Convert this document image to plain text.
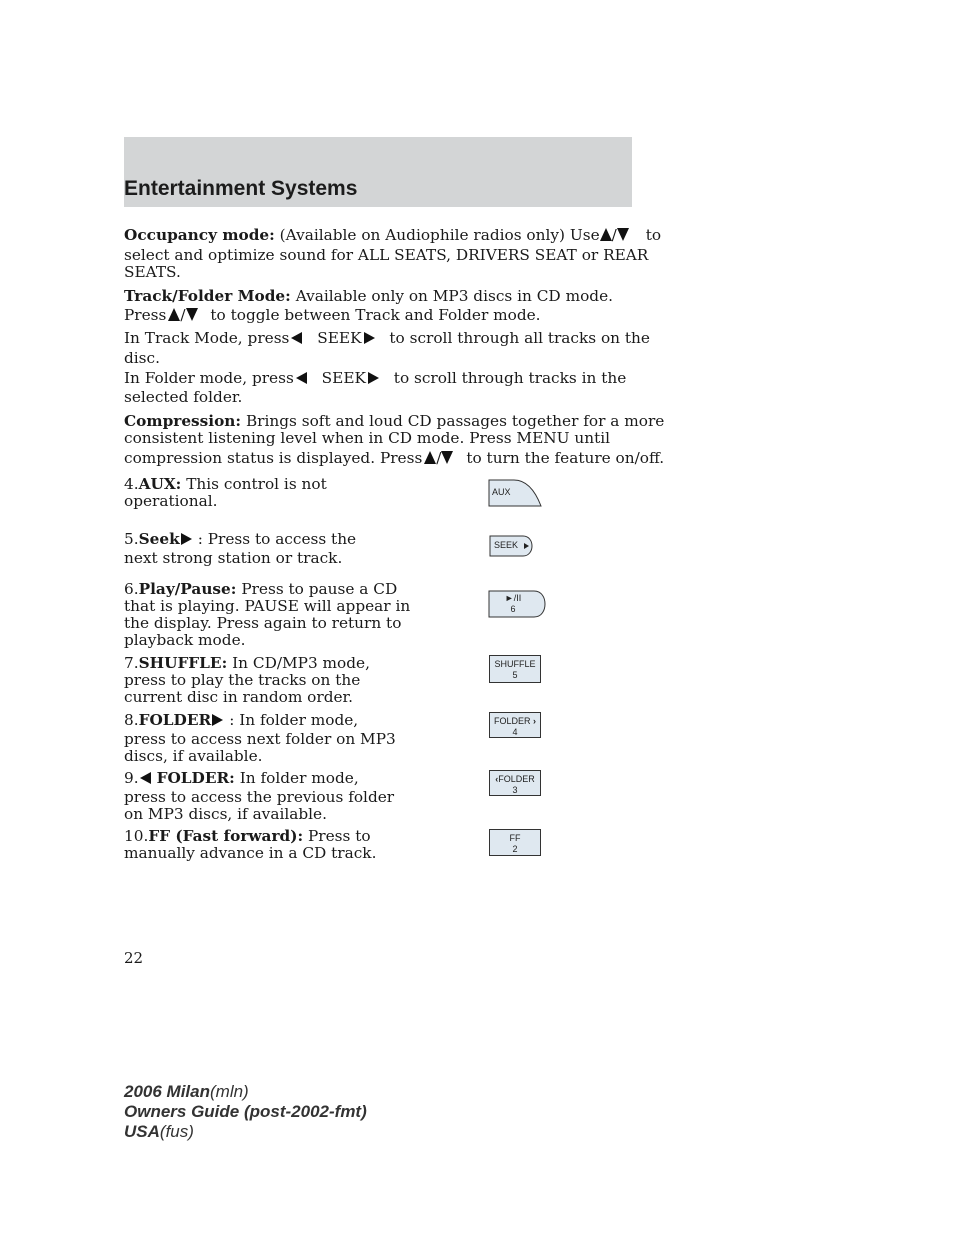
Entertainment Systems
Occupancy mode: (Available on Audiophile radios only) Use / to
select and optimize sound for ALL SEATS, DRIVERS SEAT or REAR
SEATS.
Track/Folder Mode: Available only on MP3 discs in CD mode.
Press / to toggle between Track and Folder mode.
In Track Mode, press SEEK to scroll through all tracks on the
disc.
In Folder mode, press SEEK to scroll through tracks in the
selected folder.
Compression: Brings soft and loud CD passages together for a more
consistent listening level when in CD mode. Press MENU until
compression status is displayed. Press / to turn the feature on/off.
4.AUX: This control is not
operational.
5.Seek : Press to access the
next strong station or track.
6.Play/Pause: Press to pause a CD
that is playing. PAUSE will appear in
the display. Press again to return to
playback mode.
7.SHUFFLE: In CD/MP3 mode,
press to play the tracks on the
current disc in random order.
8.FOLDER : In folder mode,
press to access next folder on MP3
discs, if available.
9. FOLDER: In folder mode,
press to access the previous folder
on MP3 discs, if available.
10.FF (Fast forward): Press to
manually advance in a CD track.
AUX
SEEK
►/II
6
SHUFFLE
5
FOLDER ›
4
‹FOLDER
3
FF
2
22
2006 Milan(mln)
Owners Guide (post-2002-fmt)
USA(fus)
